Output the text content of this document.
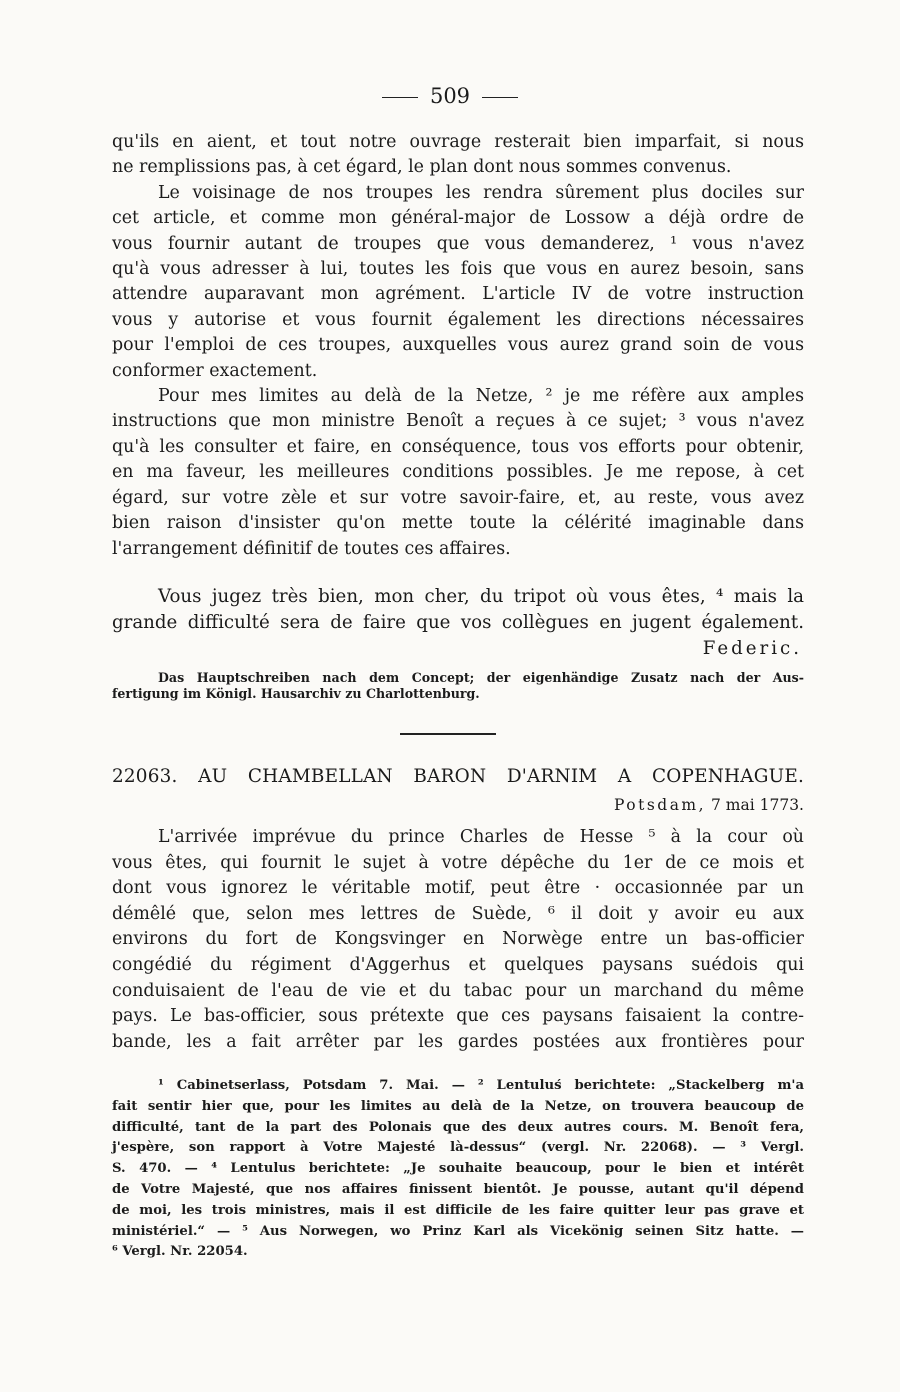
509
qu'ils en aient, et tout notre ouvrage resterait bien imparfait, si nous
ne remplissions pas, à cet égard, le plan dont nous sommes convenus.
Le voisinage de nos troupes les rendra sûrement plus dociles sur
cet article, et comme mon général-major de Lossow a déjà ordre de
vous fournir autant de troupes que vous demanderez, ¹ vous n'avez
qu'à vous adresser à lui, toutes les fois que vous en aurez besoin, sans
attendre auparavant mon agrément. L'article IV de votre instruction
vous y autorise et vous fournit également les directions nécessaires
pour l'emploi de ces troupes, auxquelles vous aurez grand soin de vous
conformer exactement.
Pour mes limites au delà de la Netze, ² je me réfère aux amples
instructions que mon ministre Benoît a reçues à ce sujet; ³ vous n'avez
qu'à les consulter et faire, en conséquence, tous vos efforts pour obtenir,
en ma faveur, les meilleures conditions possibles. Je me repose, à cet
égard, sur votre zèle et sur votre savoir-faire, et, au reste, vous avez
bien raison d'insister qu'on mette toute la célérité imaginable dans
l'arrangement définitif de toutes ces affaires.
Vous jugez très bien, mon cher, du tripot où vous êtes, ⁴ mais la
grande difficulté sera de faire que vos collègues en jugent également.
Federic.
Das Hauptschreiben nach dem Concept; der eigenhändige Zusatz nach der Aus-
fertigung im Königl. Hausarchiv zu Charlottenburg.
22063. AU CHAMBELLAN BARON D'ARNIM A COPENHAGUE.
Potsdam, 7 mai 1773.
L'arrivée imprévue du prince Charles de Hesse ⁵ à la cour où
vous êtes, qui fournit le sujet à votre dépêche du 1er de ce mois et
dont vous ignorez le véritable motif, peut être · occasionnée par un
démêlé que, selon mes lettres de Suède, ⁶ il doit y avoir eu aux
environs du fort de Kongsvinger en Norwège entre un bas-officier
congédié du régiment d'Aggerhus et quelques paysans suédois qui
conduisaient de l'eau de vie et du tabac pour un marchand du même
pays. Le bas-officier, sous prétexte que ces paysans faisaient la contre-
bande, les a fait arrêter par les gardes postées aux frontières pour
¹ Cabinetserlass, Potsdam 7. Mai. — ² Lentuluś berichtete: „Stackelberg m'a
fait sentir hier que, pour les limites au delà de la Netze, on trouvera beaucoup de
difficulté, tant de la part des Polonais que des deux autres cours. M. Benoît fera,
j'espère, son rapport à Votre Majesté là-dessus“ (vergl. Nr. 22068). — ³ Vergl.
S. 470. — ⁴ Lentulus berichtete: „Je souhaite beaucoup, pour le bien et intérêt
de Votre Majesté, que nos affaires finissent bientôt. Je pousse, autant qu'il dépend
de moi, les trois ministres, mais il est difficile de les faire quitter leur pas grave et
ministériel.“ — ⁵ Aus Norwegen, wo Prinz Karl als Vicekönig seinen Sitz hatte. —
⁶ Vergl. Nr. 22054.
